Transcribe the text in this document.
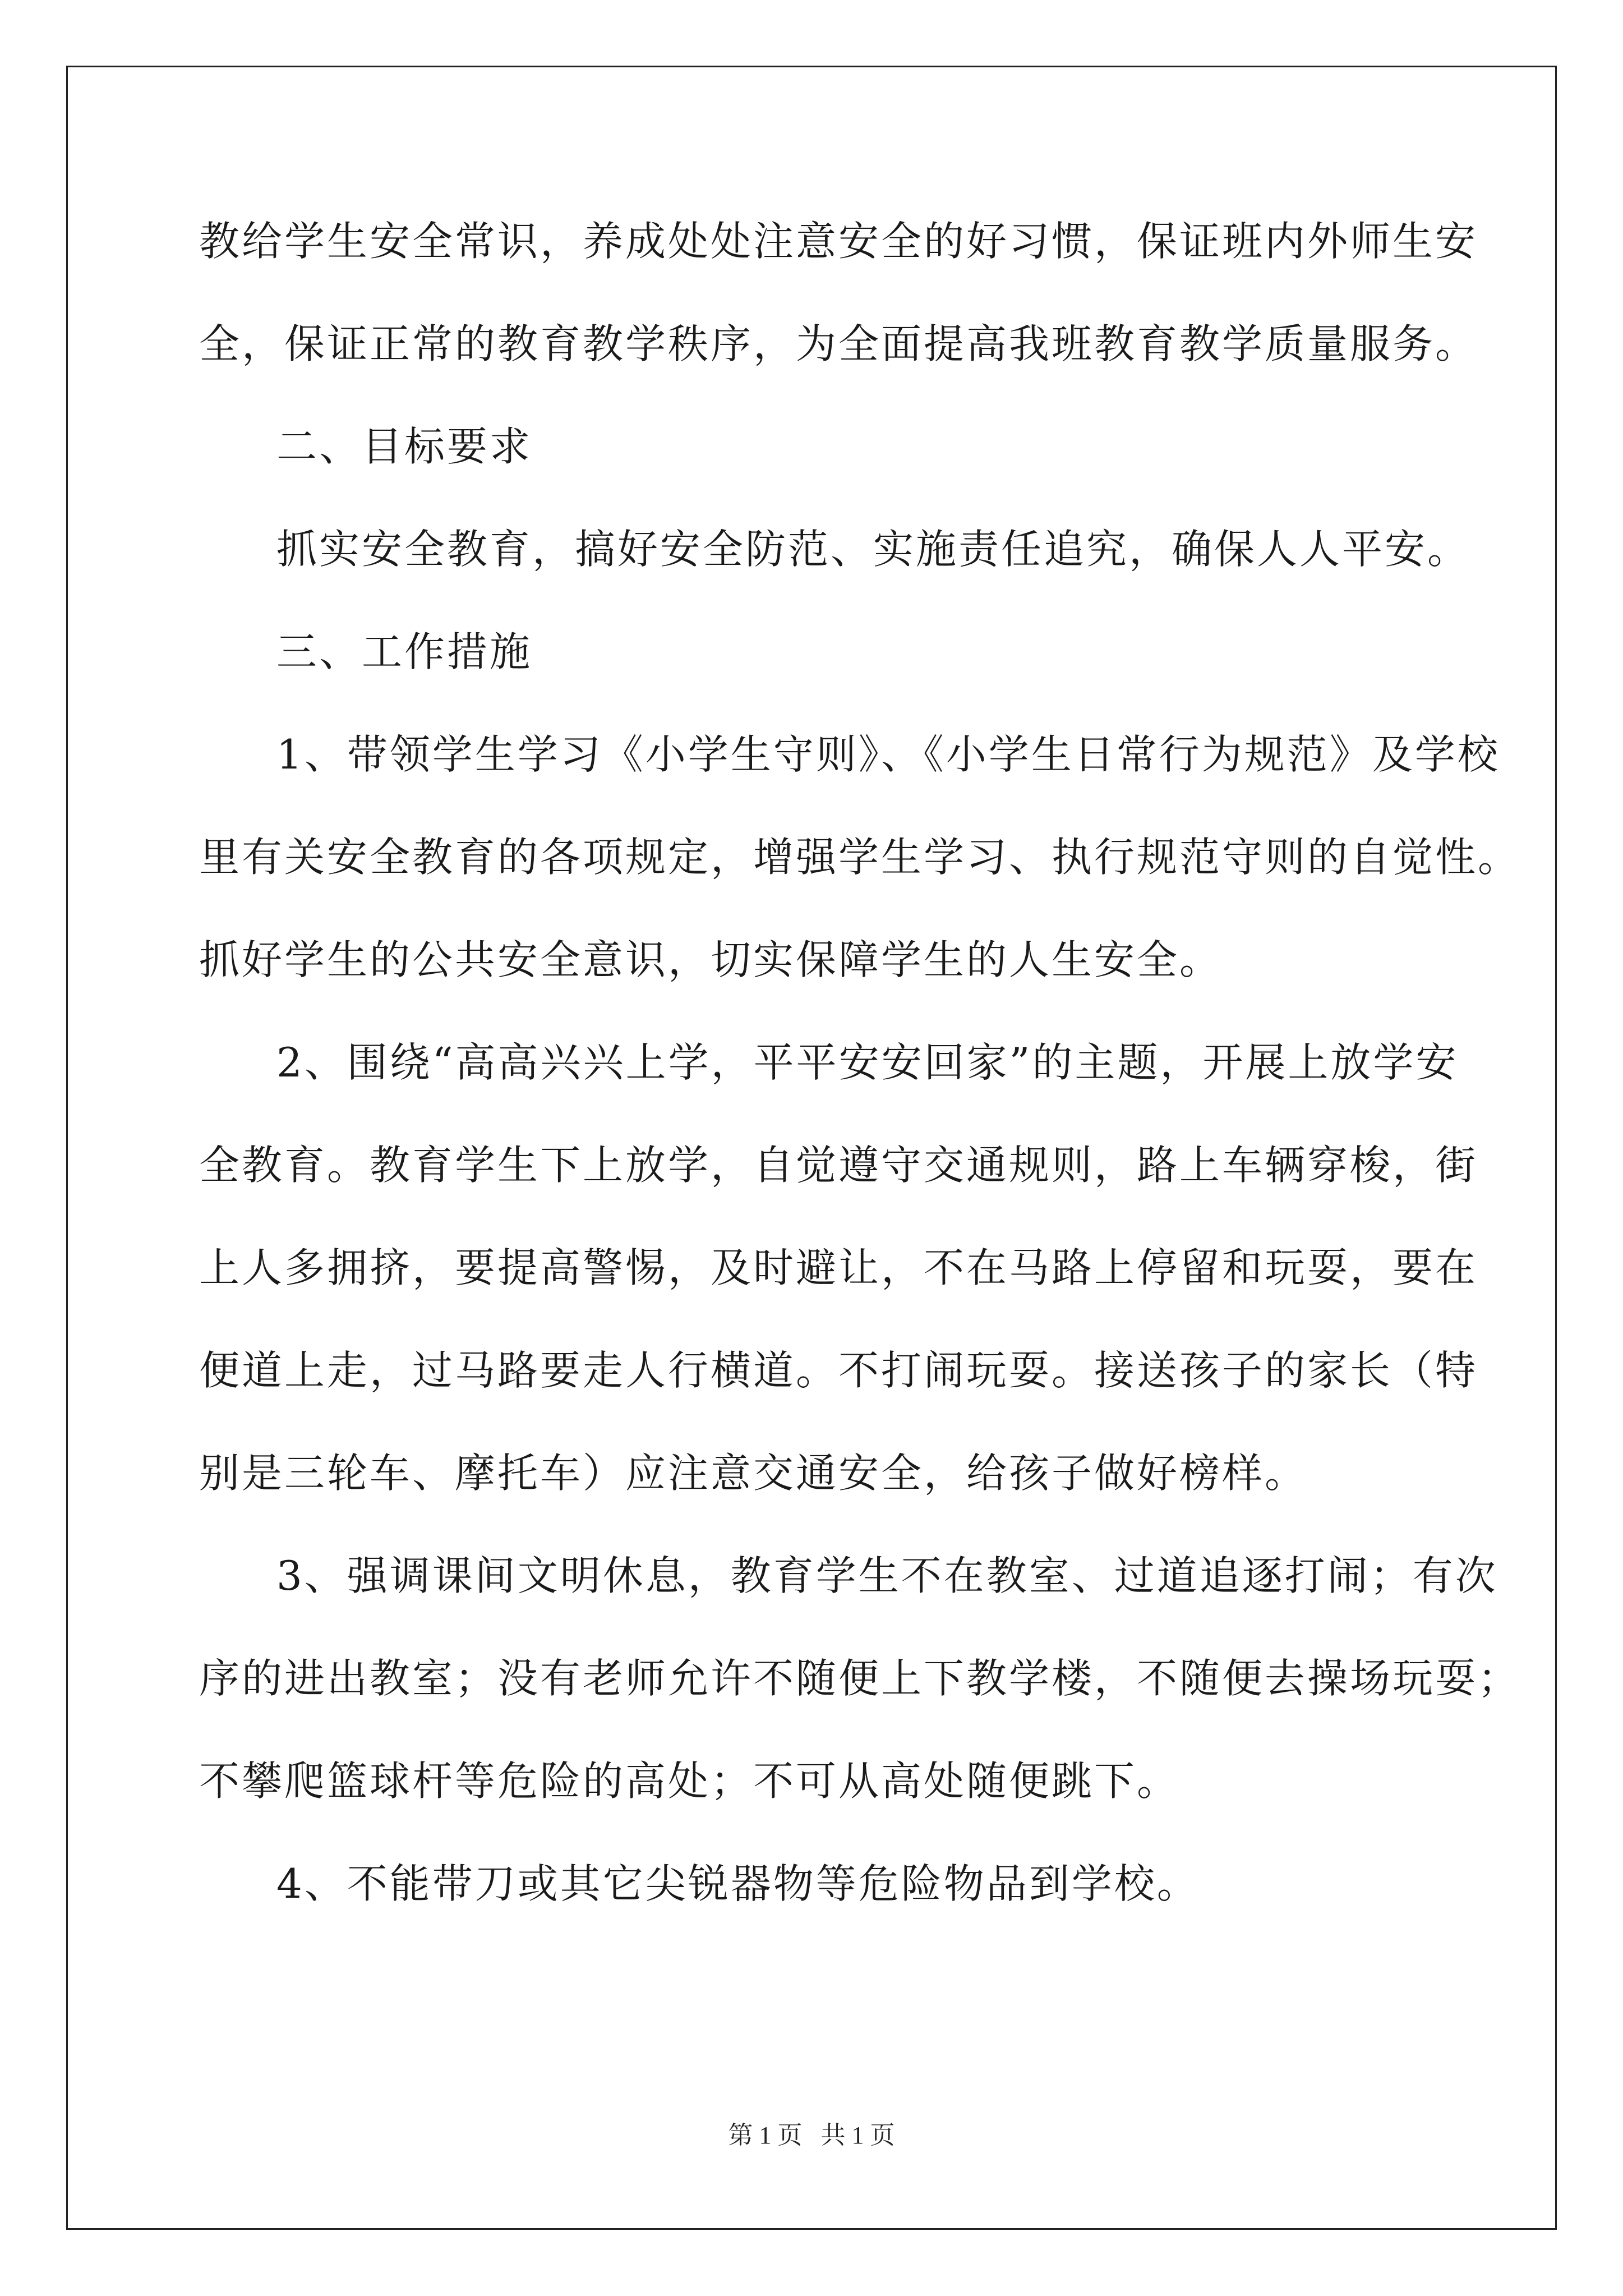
教给学生安全常识，养成处处注意安全的好习惯，保证班内外师生安
全，保证正常的教育教学秩序，为全面提高我班教育教学质量服务。
二、目标要求
抓实安全教育，搞好安全防范、实施责任追究，确保人人平安。
三、工作措施
1、带领学生学习《小学生守则》、《小学生日常行为规范》及学校
里有关安全教育的各项规定，增强学生学习、执行规范守则的自觉性。
抓好学生的公共安全意识，切实保障学生的人生安全。
2、围绕“高高兴兴上学，平平安安回家”的主题，开展上放学安
全教育。教育学生下上放学，自觉遵守交通规则，路上车辆穿梭，街
上人多拥挤，要提高警惕，及时避让，不在马路上停留和玩耍，要在
便道上走，过马路要走人行横道。不打闹玩耍。接送孩子的家长（特
别是三轮车、摩托车）应注意交通安全，给孩子做好榜样。
3、强调课间文明休息，教育学生不在教室、过道追逐打闹；有次
序的进出教室；没有老师允许不随便上下教学楼，不随便去操场玩耍；
不攀爬篮球杆等危险的高处；不可从高处随便跳下。
4、不能带刀或其它尖锐器物等危险物品到学校。
第 1 页   共 1 页
